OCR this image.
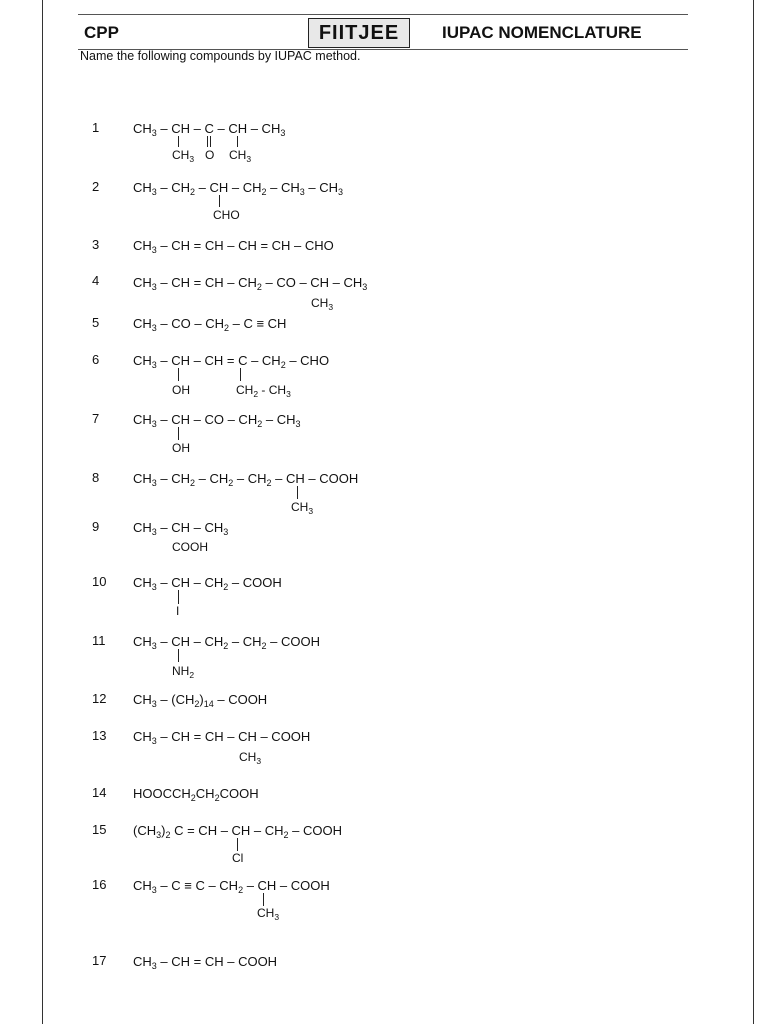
CPP	FIITJEE	IUPAC NOMENCLATURE
Name the following compounds by IUPAC method.
1	$CH_3$ – CH – C – CH – $CH_3$
$CH_3$ O $CH_3$
2	$CH_3 - CH_2$ – CH – $CH_2 - CH_3 - CH_3$
CHO
3	$CH_3$ – CH = CH – CH = CH – CHO
4	$CH_3$ – CH = CH – $CH_2$ – CO – CH – $CH_3$
$CH_3$
5	$CH_3$ – CO – $CH_2$ – C ≡ CH
6	$CH_3$ – CH – CH = C – $CH_2$ – CHO
OH	$CH_2 - CH_3$
7	$CH_3$ – CH – CO – $CH_2 - CH_3$
OH
8	$CH_3 - CH_2 - CH_2 - CH_2$ – CH – COOH
$CH_3$
9	$CH_3$ – CH – $CH_3$
COOH
10 $CH_3$ – CH – $CH_2$ – COOH
I
11 $CH_3$ – CH – $CH_2 - CH_2$ – COOH
$NH_2$
12 $CH_3 - (CH_2)_{14}$ – COOH
13 $CH_3$ – CH = CH – CH – COOH
$CH_3$
14 $HOOCCH_2CH_2COOH$
15 $(CH_3)_2$ C = CH – CH – $CH_2$ – COOH
Cl
16 $CH_3 - C \equiv C - CH_2$ – CH – COOH
$CH_3$
17 $CH_3$ – CH = CH – COOH
